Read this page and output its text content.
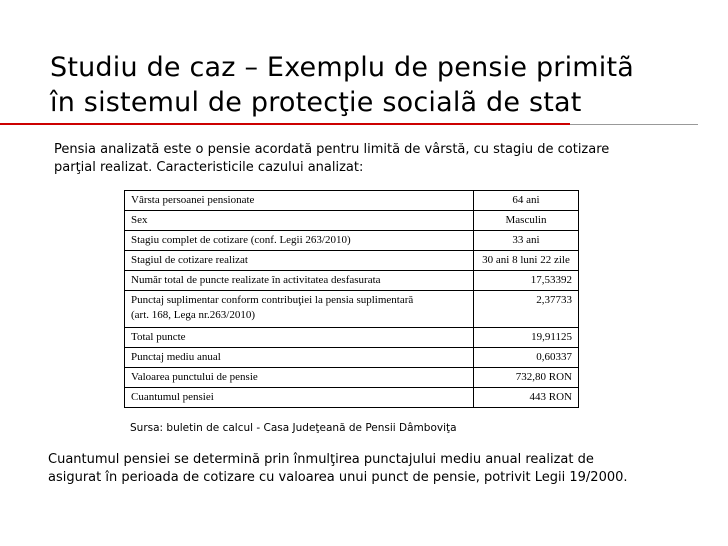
Studiu de caz – Exemplu de pensie primitã
în sistemul de protecţie socialã de stat
Pensia analizată este o pensie acordată pentru limită de vârstă, cu stagiu de cotizare
parţial realizat. Caracteristicile cazului analizat:
Vârsta persoanei pensionate	64 ani
Sex	Masculin
Stagiu complet de cotizare (conf. Legii 263/2010)	33 ani
Stagiul de cotizare realizat	30 ani 8 luni 22 zile
Număr total de puncte realizate în activitatea desfasurata	17,53392

Punctaj suplimentar conform contribuţiei la pensia suplimentară
(art. 168, Lega nr.263/2010)	2,37733
Total puncte	19,91125
Punctaj mediu anual	0,60337
Valoarea punctului de pensie	732,80 RON
Cuantumul pensiei	443 RON
Sursa: buletin de calcul - Casa Judeţeană de Pensii Dâmboviţa
Cuantumul pensiei se determină prin înmulţirea punctajului mediu anual realizat de
asigurat în perioada de cotizare cu valoarea unui punct de pensie, potrivit Legii 19/2000.
